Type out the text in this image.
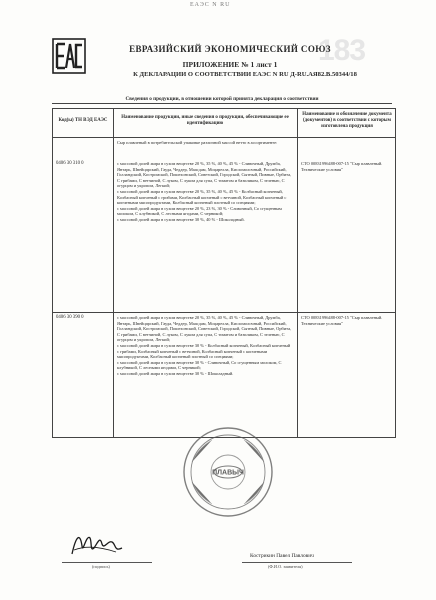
ЕАЭС N RU
183
ЕВРАЗИЙСКИЙ ЭКОНОМИЧЕСКИЙ СОЮЗ
ПРИЛОЖЕНИЕ № 1 лист 1
К ДЕКЛАРАЦИИ О СООТВЕТСТВИИ ЕАЭС N RU Д-RU.АЯ82.В.50344/18
Сведения о продукции, в отношении которой принята декларация о соответствии
Код(ы) ТН ВЭД ЕАЭС
Наименование продукции, иные сведения о продукции, обеспечивающие ее идентификацию
Наименование и обозначение документа (документов) в соответствии с которым изготовлена продукция
Сыр плавленый в потребительской упаковке различной массой нетто в ассортименте:
0406 30 310 0	с массовой долей жира в сухом веществе 20 %, 35 %, 40 %, 45 % - Сливочный, Дружба, Янтарь, Швейцарский, Гауда, Чеддер, Маасдам, Моцарелла, Кисломолочный, Российский, Голландский, Костромской, Пошехонский, Советский, Городской, Сытный, Пивные, Орбита, С грибами, С ветчиной, С луком, С луком для супа, С томатом и базиликом, С зеленью, С огурцом и укропом, Легкий;
с массовой долей жира в сухом веществе 20 %, 35 %, 40 %, 45 % - Колбасный копченый, Колбасный копченый с грибами, Колбасный копченый с ветчиной, Колбасный копченый с копчеными мясопродуктами, Колбасный копченый плотный со специями;
с массовой долей жира в сухом веществе 20 %, 23 %, 30 % - Сливочный, Со сгущенным молоком, С клубникой, С лесными ягодами, С черникой;
с массовой долей жира в сухом веществе 30 %, 40 % - Шоколадный.
СТО 00831996488-007-15 "Сыр плавленый. Технические условия"
0406 30 390 0	с массовой долей жира в сухом веществе 20 %, 35 %, 40 %, 45 % - Сливочный, Дружба, Янтарь, Швейцарский, Гауда, Чеддер, Маасдам, Моцарелла, Кисломолочный, Российский, Голландский, Костромской, Пошехонский, Советский, Городской, Сытный, Пивные, Орбита, С грибами, С ветчиной, С луком, С луком для супа, С томатом и базиликом, С зеленью, С огурцом и укропом, Легкий;
с массовой долей жира в сухом веществе 30 % - Колбасный копченый, Колбасный копченый с грибами, Колбасный копченый с ветчиной, Колбасный копченый с копчеными мясопродуктами, Колбасный копченый плотный со специями;
с массовой долей жира в сухом веществе 30 % - Сливочный, Со сгущенным молоком, С клубникой, С лесными ягодами, С черникой;
с массовой долей жира в сухом веществе 30 % - Шоколадный.
СТО 00831996488-007-15 "Сыр плавленый. Технические условия"
ПЛАВЫЧ
(подпись)
Кострикин Павел Павлович
(Ф.И.О. заявителя)
